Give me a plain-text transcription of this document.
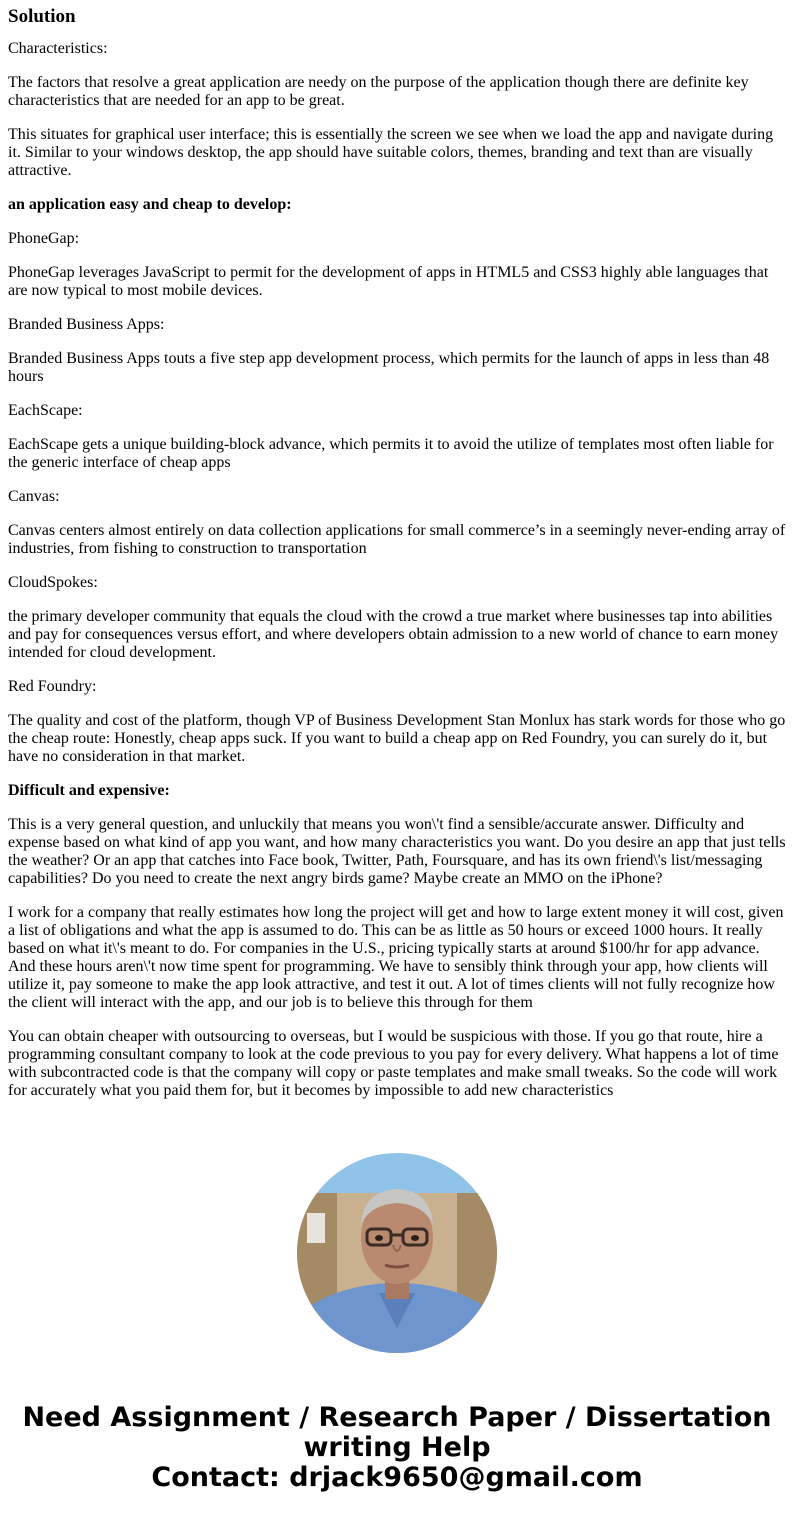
Solution

Characteristics:

The factors that resolve a great application are needy on the purpose of the application though there are definite key characteristics that are needed for an app to be great.

This situates for graphical user interface; this is essentially the screen we see when we load the app and navigate during it. Similar to your windows desktop, the app should have suitable colors, themes, branding and text than are visually attractive.

an application easy and cheap to develop:

PhoneGap:

PhoneGap leverages JavaScript to permit for the development of apps in HTML5 and CSS3 highly able languages that are now typical to most mobile devices.

Branded Business Apps:

Branded Business Apps touts a five step app development process, which permits for the launch of apps in less than 48 hours

EachScape:

EachScape gets a unique building-block advance, which permits it to avoid the utilize of templates most often liable for the generic interface of cheap apps

Canvas:

Canvas centers almost entirely on data collection applications for small commerce’s in a seemingly never-ending array of industries, from fishing to construction to transportation

CloudSpokes:

the primary developer community that equals the cloud with the crowd a true market where businesses tap into abilities and pay for consequences versus effort, and where developers obtain admission to a new world of chance to earn money intended for cloud development.

Red Foundry:

The quality and cost of the platform, though VP of Business Development Stan Monlux has stark words for those who go the cheap route: Honestly, cheap apps suck. If you want to build a cheap app on Red Foundry, you can surely do it, but have no consideration in that market.

Difficult and expensive:

This is a very general question, and unluckily that means you won\'t find a sensible/accurate answer. Difficulty and expense based on what kind of app you want, and how many characteristics you want. Do you desire an app that just tells the weather? Or an app that catches into Face book, Twitter, Path, Foursquare, and has its own friend\'s list/messaging capabilities? Do you need to create the next angry birds game? Maybe create an MMO on the iPhone?

I work for a company that really estimates how long the project will get and how to large extent money it will cost, given a list of obligations and what the app is assumed to do. This can be as little as 50 hours or exceed 1000 hours. It really based on what it\'s meant to do. For companies in the U.S., pricing typically starts at around $100/hr for app advance. And these hours aren\'t now time spent for programming. We have to sensibly think through your app, how clients will utilize it, pay someone to make the app look attractive, and test it out. A lot of times clients will not fully recognize how the client will interact with the app, and our job is to believe this through for them

You can obtain cheaper with outsourcing to overseas, but I would be suspicious with those. If you go that route, hire a programming consultant company to look at the code previous to you pay for every delivery. What happens a lot of time with subcontracted code is that the company will copy or paste templates and make small tweaks. So the code will work for accurately what you paid them for, but it becomes by impossible to add new characteristics

Need Assignment / Research Paper / Dissertation
writing Help
Contact: drjack9650@gmail.com
